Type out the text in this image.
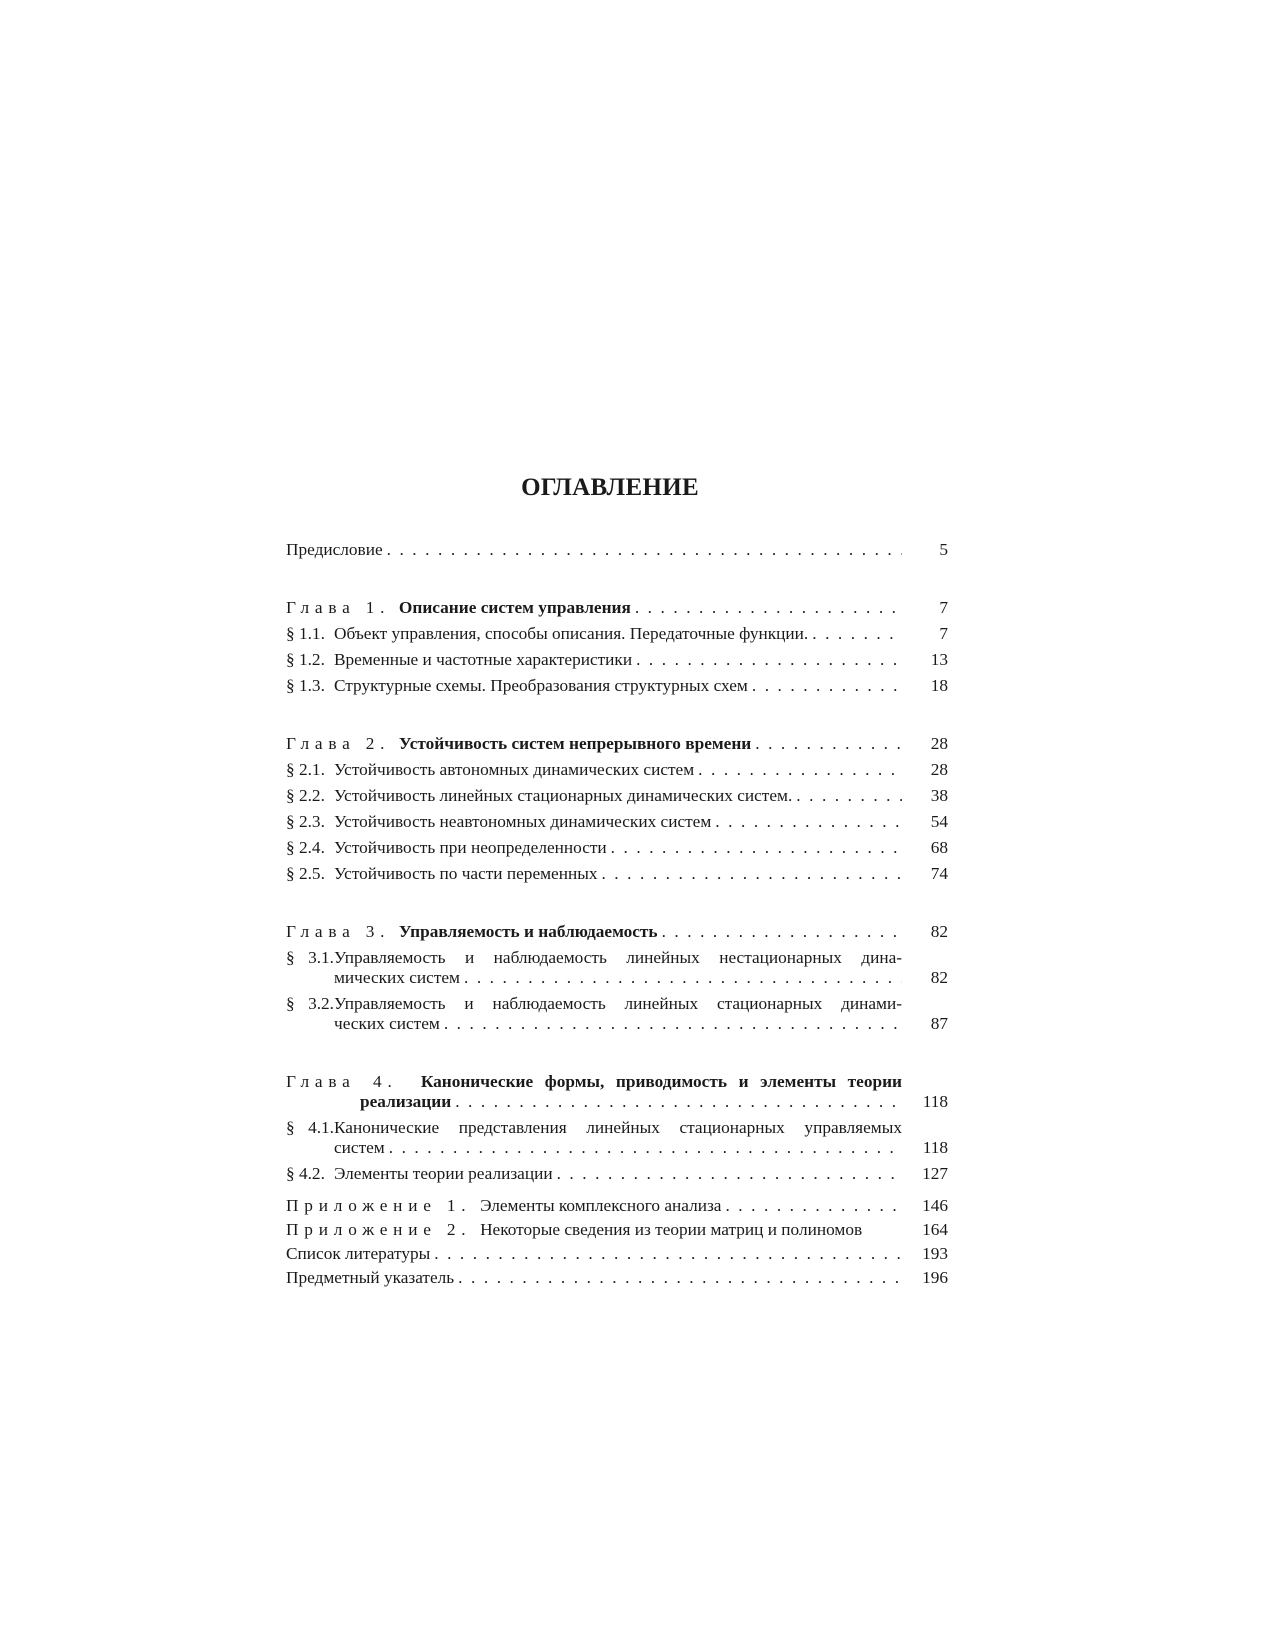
ОГЛАВЛЕНИЕ
Предисловие . . .	5
Глава 1. Описание систем управления . . .	7
§ 1.1. Объект управления, способы описания. Передаточные функции. . . .	7
§ 1.2. Временные и частотные характеристики . . .	13
§ 1.3. Структурные схемы. Преобразования структурных схем . . .	18
Глава 2. Устойчивость систем непрерывного времени . . .	28
§ 2.1. Устойчивость автономных динамических систем . . .	28
§ 2.2. Устойчивость линейных стационарных динамических систем. . . .	38
§ 2.3. Устойчивость неавтономных динамических систем . . .	54
§ 2.4. Устойчивость при неопределенности . . .	68
§ 2.5. Устойчивость по части переменных . . .	74
Глава 3. Управляемость и наблюдаемость . . .	82
§ 3.1.Управляемость и наблюдаемость линейных нестационарных дина-
мических систем . . .	82
§ 3.2.Управляемость и наблюдаемость линейных стационарных динами-
ческих систем . . .	87
Глава 4. Канонические формы, приводимость и элементы теории
реализации . . .	118
§ 4.1.Канонические представления линейных стационарных управляемых
систем . . .	118
§ 4.2. Элементы теории реализации . . .	127
Приложение 1. Элементы комплексного анализа . . .	146
Приложение 2. Некоторые сведения из теории матриц и полиномов	164
Список литературы . . .	193
Предметный указатель . . .	196
